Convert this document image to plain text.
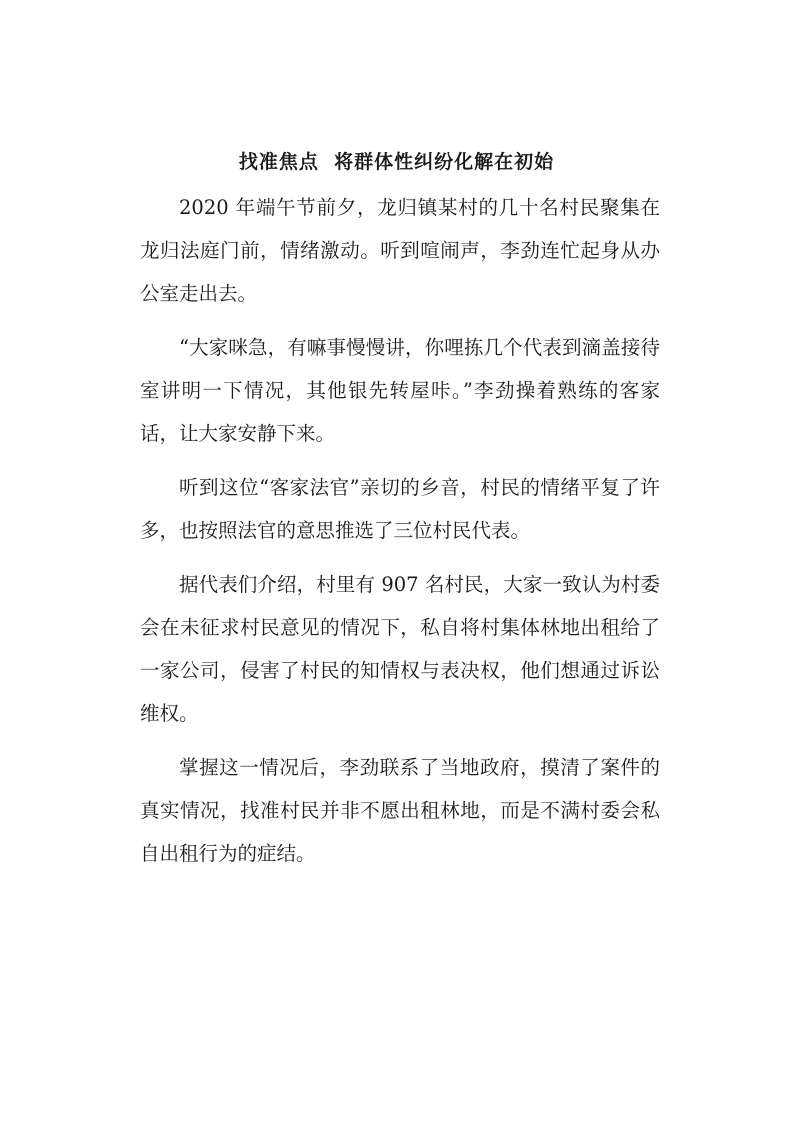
找准焦点  将群体性纠纷化解在初始

2020 年端午节前夕，龙归镇某村的几十名村民聚集在龙归法庭门前，情绪激动。听到喧闹声，李劲连忙起身从办公室走出去。

“大家咪急，有嘛事慢慢讲，你哩拣几个代表到滴盖接待室讲明一下情况，其他银先转屋咔。”李劲操着熟练的客家话，让大家安静下来。

听到这位“客家法官”亲切的乡音，村民的情绪平复了许多，也按照法官的意思推选了三位村民代表。

据代表们介绍，村里有 907 名村民，大家一致认为村委会在未征求村民意见的情况下，私自将村集体林地出租给了一家公司，侵害了村民的知情权与表决权，他们想通过诉讼维权。

掌握这一情况后，李劲联系了当地政府，摸清了案件的真实情况，找准村民并非不愿出租林地，而是不满村委会私自出租行为的症结。
